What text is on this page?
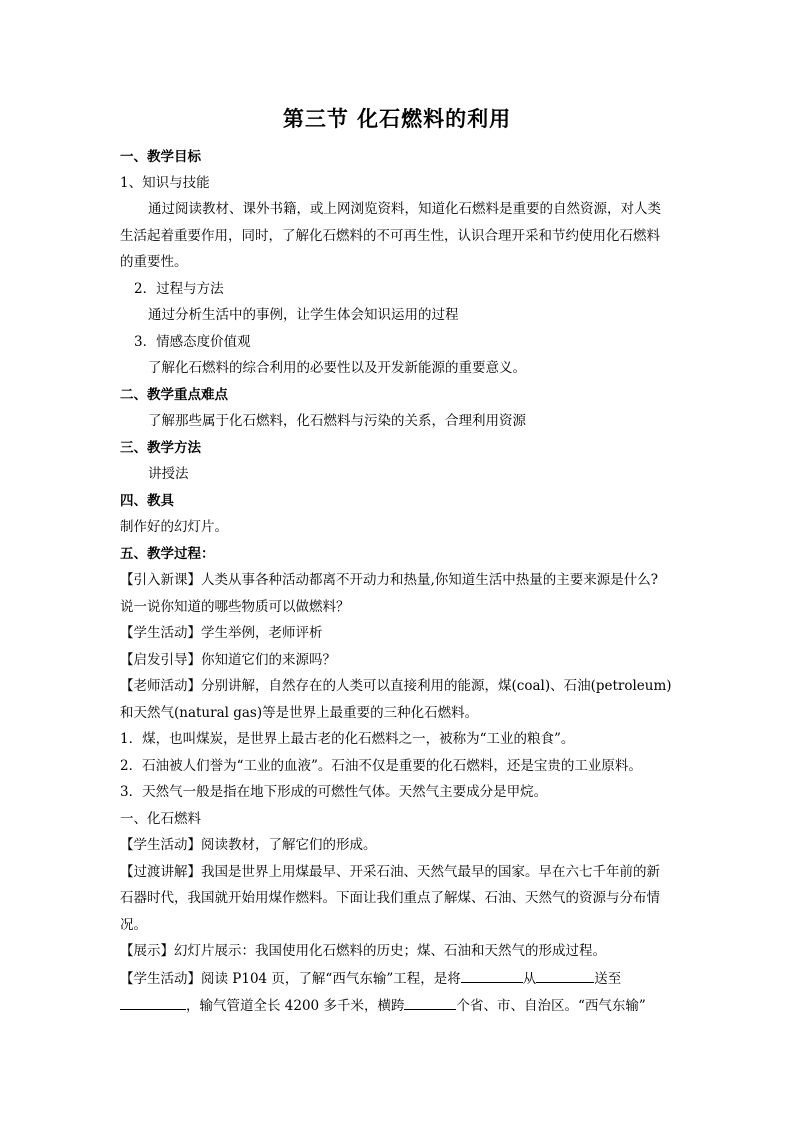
第三节 化石燃料的利用
一、教学目标
1、知识与技能
通过阅读教材、课外书籍，或上网浏览资料，知道化石燃料是重要的自然资源，对人类
生活起着重要作用，同时，了解化石燃料的不可再生性，认识合理开采和节约使用化石燃料
的重要性。
2．过程与方法
通过分析生活中的事例，让学生体会知识运用的过程
3．情感态度价值观
了解化石燃料的综合利用的必要性以及开发新能源的重要意义。
二、教学重点难点
了解那些属于化石燃料，化石燃料与污染的关系，合理利用资源
三、教学方法
讲授法
四、教具
制作好的幻灯片。
五、教学过程：
【引入新课】人类从事各种活动都离不开动力和热量,你知道生活中热量的主要来源是什么?
说一说你知道的哪些物质可以做燃料？
【学生活动】学生举例，老师评析
【启发引导】你知道它们的来源吗？
【老师活动】分别讲解，自然存在的人类可以直接利用的能源，煤(coal)、石油(petroleum)
和天然气(natural gas)等是世界上最重要的三种化石燃料。
1．煤，也叫煤炭，是世界上最古老的化石燃料之一，被称为“工业的粮食”。
2．石油被人们誉为“工业的血液”。石油不仅是重要的化石燃料，还是宝贵的工业原料。
3．天然气一般是指在地下形成的可燃性气体。天然气主要成分是甲烷。
一、化石燃料
【学生活动】阅读教材，了解它们的形成。
【过渡讲解】我国是世界上用煤最早、开采石油、天然气最早的国家。早在六七千年前的新
石器时代，我国就开始用煤作燃料。下面让我们重点了解煤、石油、天然气的资源与分布情
况。
【展示】幻灯片展示：我国使用化石燃料的历史；煤、石油和天然气的形成过程。
【学生活动】阅读 P104 页，了解“西气东输”工程，是将	从	送至
，输气管道全长 4200 多千米，横跨	个省、市、自治区。“西气东输”
